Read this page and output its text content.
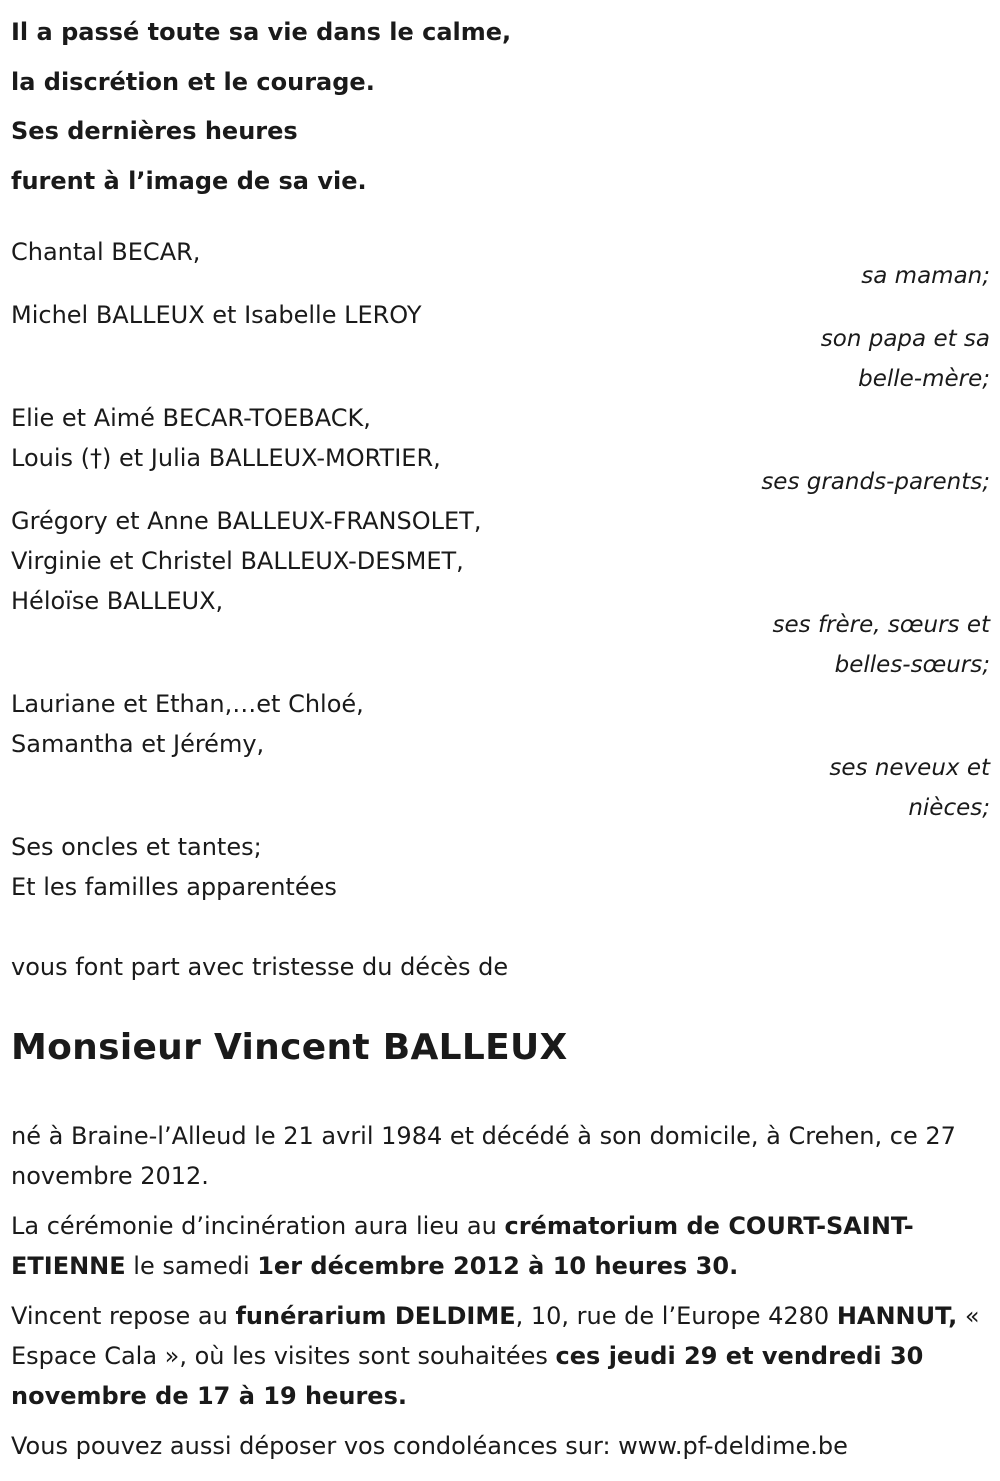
Il a passé toute sa vie dans le calme,
la discrétion et le courage.
Ses dernières heures
furent à l’image de sa vie.
Chantal BECAR,
sa maman;
Michel BALLEUX et Isabelle LEROY
son papa et sa
belle-mère;
Elie et Aimé BECAR-TOEBACK,
Louis (†) et Julia BALLEUX-MORTIER,
ses grands-parents;
Grégory et Anne BALLEUX-FRANSOLET,
Virginie et Christel BALLEUX-DESMET,
Héloïse BALLEUX,
ses frère, sœurs et
belles-sœurs;
Lauriane et Ethan,…et Chloé,
Samantha et Jérémy,
ses neveux et
nièces;
Ses oncles et tantes;
Et les familles apparentées
vous font part avec tristesse du décès de
Monsieur Vincent BALLEUX
né à Braine-l’Alleud le 21 avril 1984 et décédé à son domicile, à Crehen, ce 27 novembre 2012.
La cérémonie d’incinération aura lieu au crématorium de COURT-SAINT-ETIENNE le samedi 1er décembre 2012 à 10 heures 30.
Vincent repose au funérarium DELDIME, 10, rue de l’Europe 4280 HANNUT, « Espace Cala », où les visites sont souhaitées ces jeudi 29 et vendredi 30 novembre de 17 à 19 heures.
Vous pouvez aussi déposer vos condoléances sur: www.pf-deldime.be
